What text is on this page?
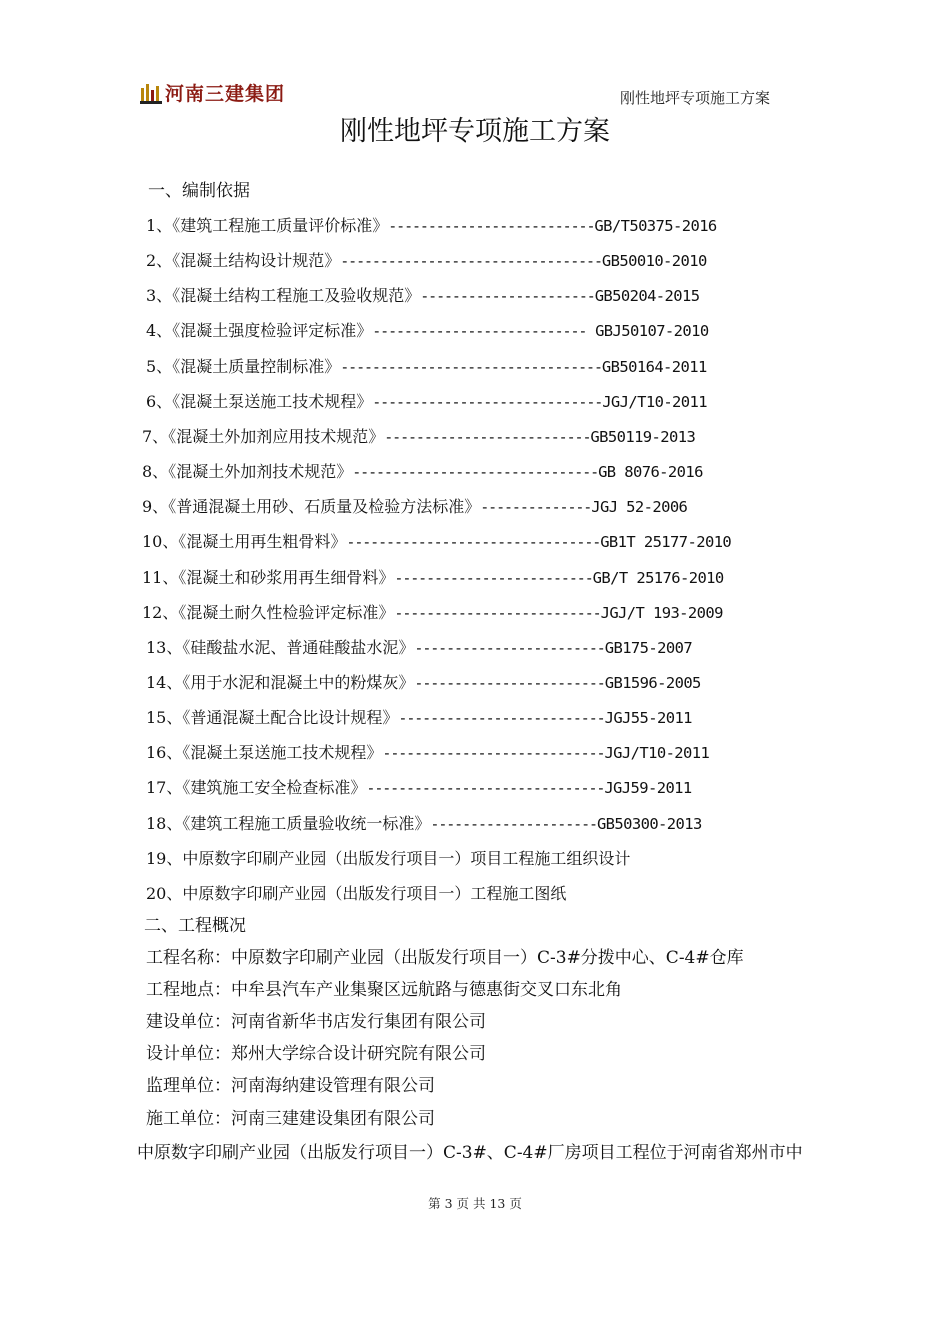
河南三建集团	刚性地坪专项施工方案
刚性地坪专项施工方案
一、编制依据
1、《建筑工程施工质量评价标准》--------------------------GB/T50375-2016
2、《混凝土结构设计规范》---------------------------------GB50010-2010
3、《混凝土结构工程施工及验收规范》----------------------GB50204-2015
4、《混凝土强度检验评定标准》--------------------------- GBJ50107-2010
5、《混凝土质量控制标准》---------------------------------GB50164-2011
6、《混凝土泵送施工技术规程》-----------------------------JGJ/T10-2011
7、《混凝土外加剂应用技术规范》--------------------------GB50119-2013
8、《混凝土外加剂技术规范》-------------------------------GB 8076-2016
9、《普通混凝土用砂、石质量及检验方法标准》--------------JGJ 52-2006
10、《混凝土用再生粗骨料》--------------------------------GB1T 25177-2010
11、《混凝土和砂浆用再生细骨料》-------------------------GB/T 25176-2010
12、《混凝土耐久性检验评定标准》--------------------------JGJ/T 193-2009
13、《硅酸盐水泥、普通硅酸盐水泥》------------------------GB175-2007
14、《用于水泥和混凝土中的粉煤灰》------------------------GB1596-2005
15、《普通混凝土配合比设计规程》--------------------------JGJ55-2011
16、《混凝土泵送施工技术规程》----------------------------JGJ/T10-2011
17、《建筑施工安全检查标准》------------------------------JGJ59-2011
18、《建筑工程施工质量验收统一标准》---------------------GB50300-2013
19、中原数字印刷产业园（出版发行项目一）项目工程施工组织设计
20、中原数字印刷产业园（出版发行项目一）工程施工图纸
二、工程概况
工程名称：中原数字印刷产业园（出版发行项目一）C-3#分拨中心、C-4#仓库
工程地点：中牟县汽车产业集聚区远航路与德惠街交叉口东北角
建设单位：河南省新华书店发行集团有限公司
设计单位：郑州大学综合设计研究院有限公司
监理单位：河南海纳建设管理有限公司
施工单位：河南三建建设集团有限公司
中原数字印刷产业园（出版发行项目一）C-3#、C-4#厂房项目工程位于河南省郑州市中
第 3 页 共 13 页
